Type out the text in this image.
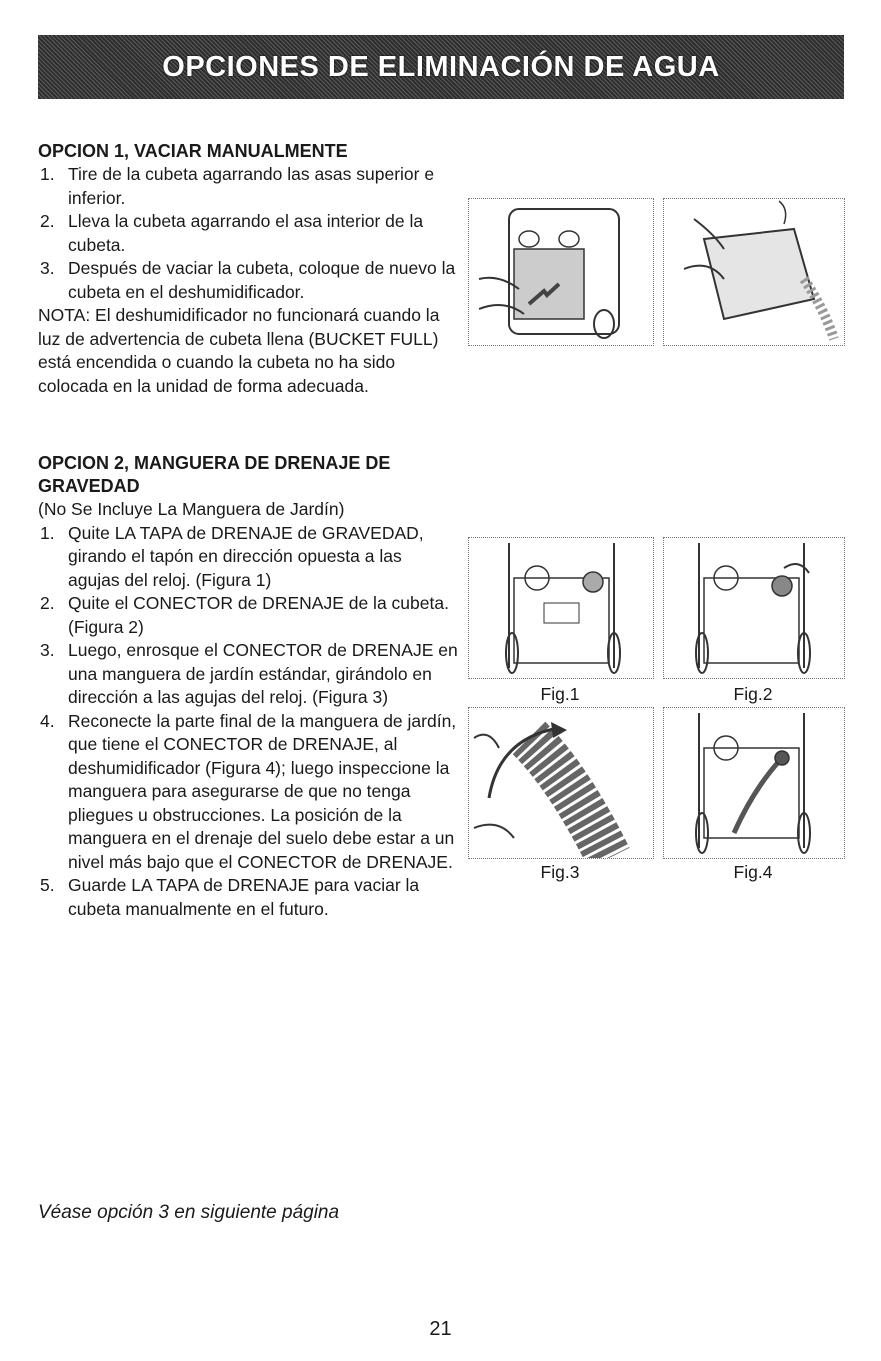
OPCIONES DE ELIMINACIÓN DE AGUA

OPCION 1, VACIAR MANUALMENTE

1. Tire de la cubeta agarrando las asas superior e inferior.
2. Lleva la cubeta agarrando el asa interior de la cubeta.
3. Después de vaciar la cubeta, coloque de nuevo la cubeta en el deshumidificador.

NOTA: El deshumidificador no funcionará cuando la luz de advertencia de cubeta llena (BUCKET FULL) está encendida o cuando la cubeta no ha sido colocada en la unidad de forma adecuada.

OPCION 2, MANGUERA DE DRENAJE DE GRAVEDAD

(No Se Incluye La Manguera de Jardín)

1. Quite LA TAPA de DRENAJE de GRAVEDAD, girando el tapón en dirección opuesta a las agujas del reloj. (Figura 1)
2. Quite el CONECTOR de DRENAJE de la cubeta. (Figura 2)
3. Luego, enrosque el CONECTOR de DRENAJE en una manguera de jardín estándar, girándolo en dirección a las agujas del reloj. (Figura 3)
4. Reconecte la parte final de la manguera de jardín, que tiene el CONECTOR de DRENAJE, al deshumidificador (Figura 4); luego inspeccione la manguera para asegurarse de que no tenga pliegues u obstrucciones. La posición de la manguera en el drenaje del suelo debe estar a un nivel más bajo que el CONECTOR de DRENAJE.
5. Guarde LA TAPA de DRENAJE para vaciar la cubeta manualmente en el futuro.
Fig.1	Fig.2
Fig.3	Fig.4
Véase opción 3 en siguiente página
21
